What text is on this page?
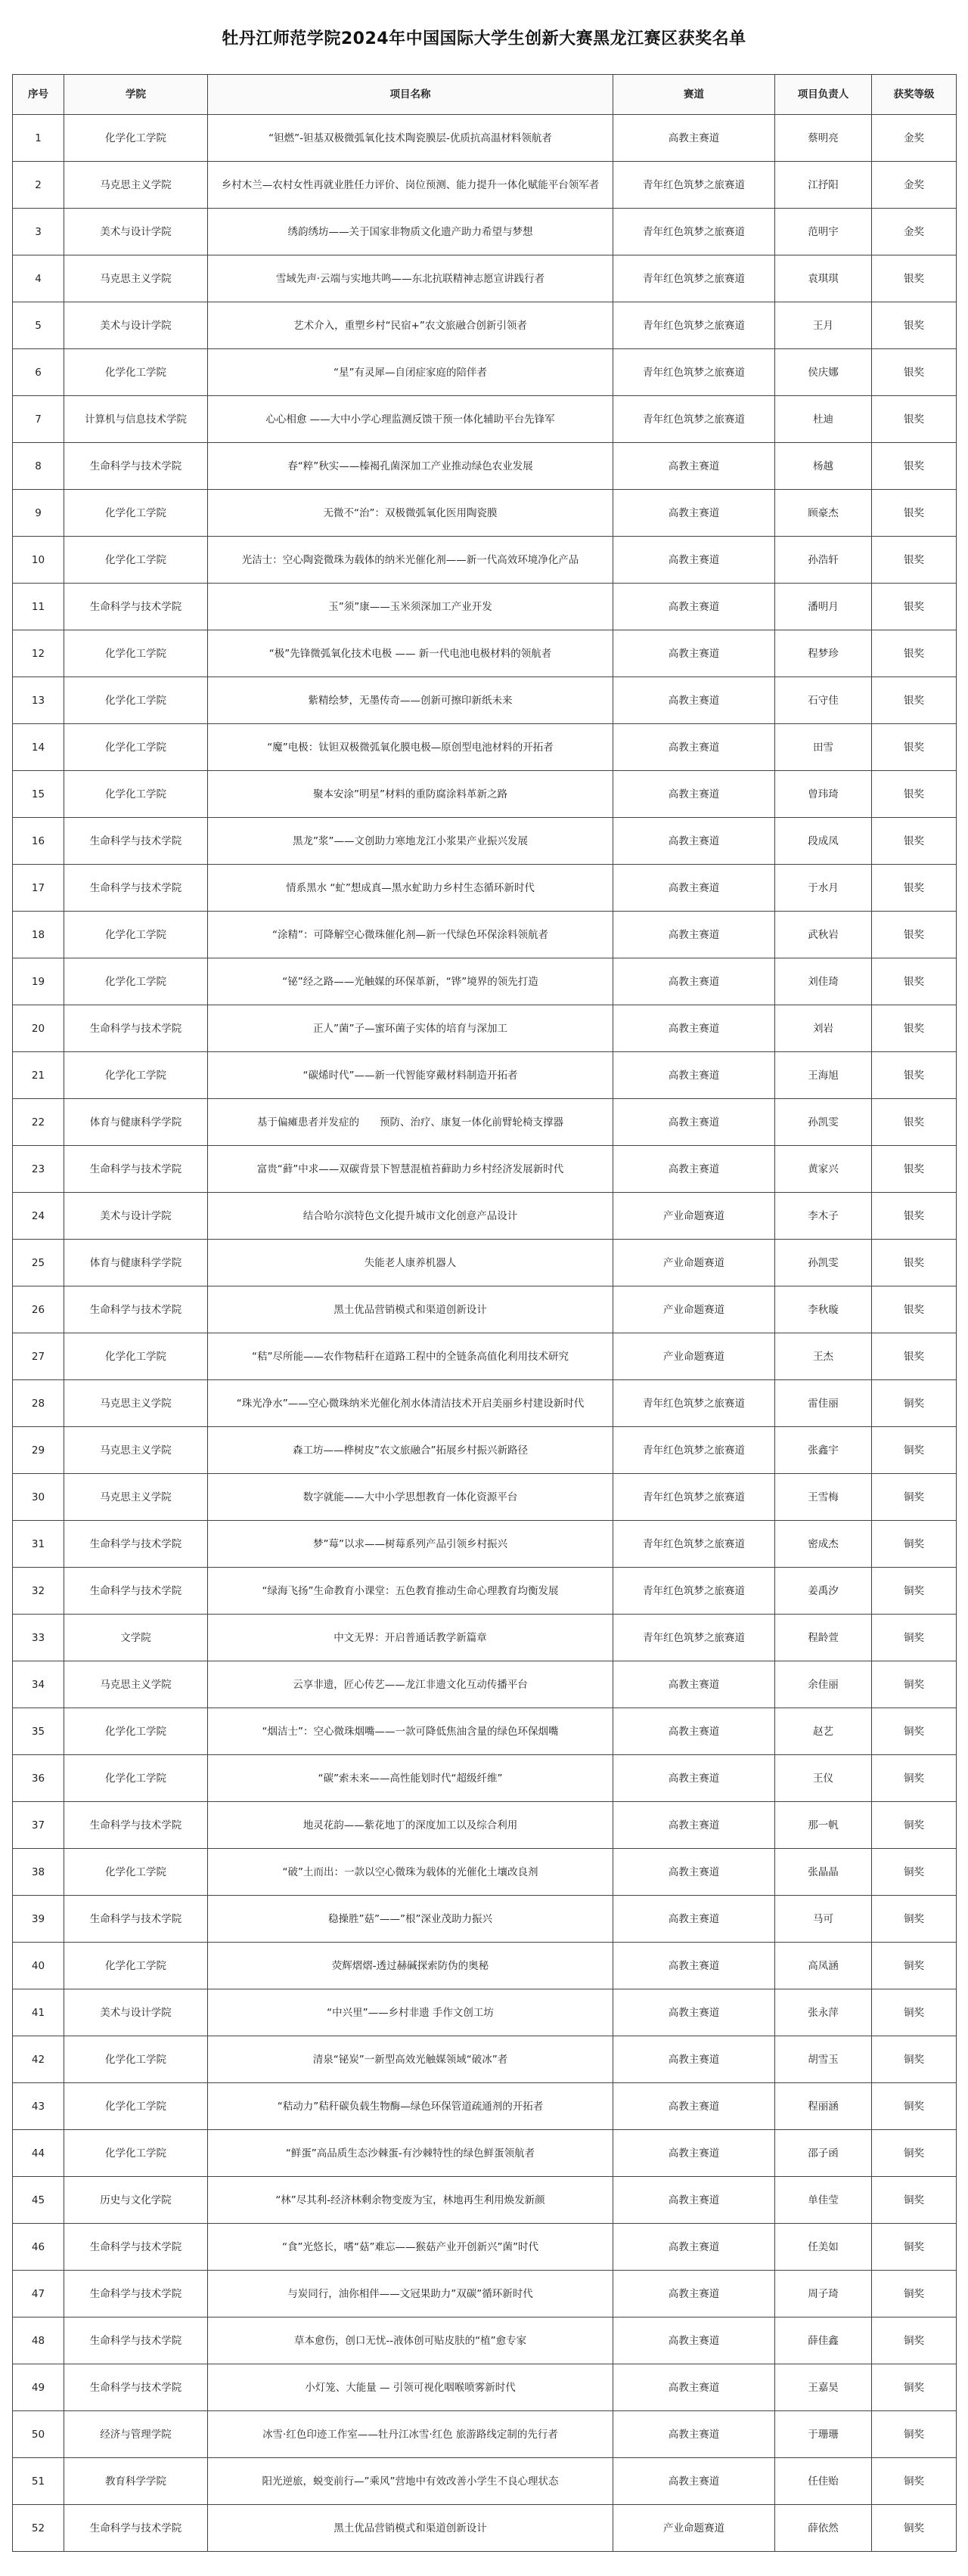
牡丹江师范学院2024年中国国际大学生创新大赛黑龙江赛区获奖名单
序号	学院	项目名称	赛道	项目负责人	获奖等级
1	化学化工学院	“钽燃”-钽基双极微弧氧化技术陶瓷膜层-优质抗高温材料领航者	高教主赛道	蔡明亮	金奖
2	马克思主义学院	乡村木兰—农村女性再就业胜任力评价、岗位预测、能力提升一体化赋能平台领军者	青年红色筑梦之旅赛道	江抒阳	金奖
3	美术与设计学院	绣韵绣坊——关于国家非物质文化遗产助力希望与梦想	青年红色筑梦之旅赛道	范明宇	金奖
4	马克思主义学院	雪域先声·云端与实地共鸣——东北抗联精神志愿宣讲践行者	青年红色筑梦之旅赛道	袁琪琪	银奖
5	美术与设计学院	艺术介入，重塑乡村“民宿+”农文旅融合创新引领者	青年红色筑梦之旅赛道	王月	银奖
6	化学化工学院	“星”有灵犀—自闭症家庭的陪伴者	青年红色筑梦之旅赛道	侯庆娜	银奖
7	计算机与信息技术学院	心心相愈 ——大中小学心理监测反馈干预一体化辅助平台先锋军	青年红色筑梦之旅赛道	杜迪	银奖
8	生命科学与技术学院	春“粹”秋实——榛褐孔菌深加工产业推动绿色农业发展	高教主赛道	杨越	银奖
9	化学化工学院	无微不“治”：双极微弧氧化医用陶瓷膜	高教主赛道	顾豪杰	银奖
10	化学化工学院	光洁士：空心陶瓷微珠为载体的纳米光催化剂——新一代高效环境净化产品	高教主赛道	孙浩轩	银奖
11	生命科学与技术学院	玉”须”康——玉米须深加工产业开发	高教主赛道	潘明月	银奖
12	化学化工学院	“极”先锋微弧氧化技术电极 —— 新一代电池电极材料的领航者	高教主赛道	程梦珍	银奖
13	化学化工学院	紫精绘梦，无墨传奇——创新可擦印新纸未来	高教主赛道	石守佳	银奖
14	化学化工学院	“魔”电极：钛钽双极微弧氧化膜电极—原创型电池材料的开拓者	高教主赛道	田雪	银奖
15	化学化工学院	聚本安涂”明星”材料的重防腐涂料革新之路	高教主赛道	曾玮琦	银奖
16	生命科学与技术学院	黑龙”浆”——文创助力寒地龙江小浆果产业振兴发展	高教主赛道	段成凤	银奖
17	生命科学与技术学院	情系黑水 “虻”想成真—黑水虻助力乡村生态循环新时代	高教主赛道	于水月	银奖
18	化学化工学院	“涂精”：可降解空心微珠催化剂—新一代绿色环保涂料领航者	高教主赛道	武秋岩	银奖
19	化学化工学院	“铋”经之路——光触媒的环保革新，“铧”境界的领先打造	高教主赛道	刘佳琦	银奖
20	生命科学与技术学院	正人”菌”子—蜜环菌子实体的培育与深加工	高教主赛道	刘岩	银奖
21	化学化工学院	“碳烯时代”——新一代智能穿戴材料制造开拓者	高教主赛道	王海旭	银奖
22	体育与健康科学学院	基于偏瘫患者并发症的　　预防、治疗、康复一体化前臂轮椅支撑器	高教主赛道	孙凯雯	银奖
23	生命科学与技术学院	富贵“藓”中求——双碳背景下智慧混植苔藓助力乡村经济发展新时代	高教主赛道	黄家兴	银奖
24	美术与设计学院	结合哈尔滨特色文化提升城市文化创意产品设计	产业命题赛道	李木子	银奖
25	体育与健康科学学院	失能老人康养机器人	产业命题赛道	孙凯雯	银奖
26	生命科学与技术学院	黑土优品营销模式和渠道创新设计	产业命题赛道	李秋璇	银奖
27	化学化工学院	“秸”尽所能——农作物秸秆在道路工程中的全链条高值化利用技术研究	产业命题赛道	王杰	银奖
28	马克思主义学院	“珠光净水”——空心微珠纳米光催化剂水体清洁技术开启美丽乡村建设新时代	青年红色筑梦之旅赛道	雷佳丽	铜奖
29	马克思主义学院	森工坊——桦树皮”农文旅融合”拓展乡村振兴新路径	青年红色筑梦之旅赛道	张鑫宇	铜奖
30	马克思主义学院	数字就能——大中小学思想教育一体化资源平台	青年红色筑梦之旅赛道	王雪梅	铜奖
31	生命科学与技术学院	梦”莓”以求——树莓系列产品引领乡村振兴	青年红色筑梦之旅赛道	密成杰	铜奖
32	生命科学与技术学院	“绿海飞扬”生命教育小课堂：五色教育推动生命心理教育均衡发展	青年红色筑梦之旅赛道	姜禹汐	铜奖
33	文学院	中文无界：开启普通话教学新篇章	青年红色筑梦之旅赛道	程龄萱	铜奖
34	马克思主义学院	云享非遗，匠心传艺——龙江非遗文化互动传播平台	高教主赛道	余佳丽	铜奖
35	化学化工学院	“烟洁士”：空心微珠烟嘴——一款可降低焦油含量的绿色环保烟嘴	高教主赛道	赵艺	铜奖
36	化学化工学院	“碳”索未来——高性能划时代“超级纤维”	高教主赛道	王仪	铜奖
37	生命科学与技术学院	地灵花韵——紫花地丁的深度加工以及综合利用	高教主赛道	那一帆	铜奖
38	化学化工学院	“破”土而出：一款以空心微珠为载体的光催化土壤改良剂	高教主赛道	张晶晶	铜奖
39	生命科学与技术学院	稳操胜”菇”——”根”深业茂助力振兴	高教主赛道	马可	铜奖
40	化学化工学院	荧辉熠熠-透过赫碱探索防伪的奥秘	高教主赛道	高凤涵	铜奖
41	美术与设计学院	“中兴里”——乡村非遗 手作文创工坊	高教主赛道	张永萍	铜奖
42	化学化工学院	清泉“铋炭”一新型高效光触媒领域“破冰”者	高教主赛道	胡雪玉	铜奖
43	化学化工学院	“秸动力”秸秆碳负载生物酶—绿色环保管道疏通剂的开拓者	高教主赛道	程丽涵	铜奖
44	化学化工学院	“鲜蛋”高品质生态沙棘蛋-有沙棘特性的绿色鲜蛋领航者	高教主赛道	邵子函	铜奖
45	历史与文化学院	“林”尽其利-经济林剩余物变废为宝，林地再生利用焕发新颜	高教主赛道	单佳莹	铜奖
46	生命科学与技术学院	“食”光悠长，嗜“菇”难忘——猴菇产业开创新兴”菌”时代	高教主赛道	任美如	铜奖
47	生命科学与技术学院	与炭同行，油你相伴——文冠果助力”双碳”循环新时代	高教主赛道	周子琦	铜奖
48	生命科学与技术学院	草本愈伤，创口无忧--液体创可贴皮肤的“植”愈专家	高教主赛道	薛佳鑫	铜奖
49	生命科学与技术学院	小灯笼、大能量 — 引领可视化咽喉喷雾新时代	高教主赛道	王嘉昊	铜奖
50	经济与管理学院	冰雪·红色印迹工作室——牡丹江冰雪·红色 旅游路线定制的先行者	高教主赛道	于珊珊	铜奖
51	教育科学学院	阳光逆旅，蜕变前行—”乘风”营地中有效改善小学生不良心理状态	高教主赛道	任佳贻	铜奖
52	生命科学与技术学院	黑土优品营销模式和渠道创新设计	产业命题赛道	薛依然	铜奖
